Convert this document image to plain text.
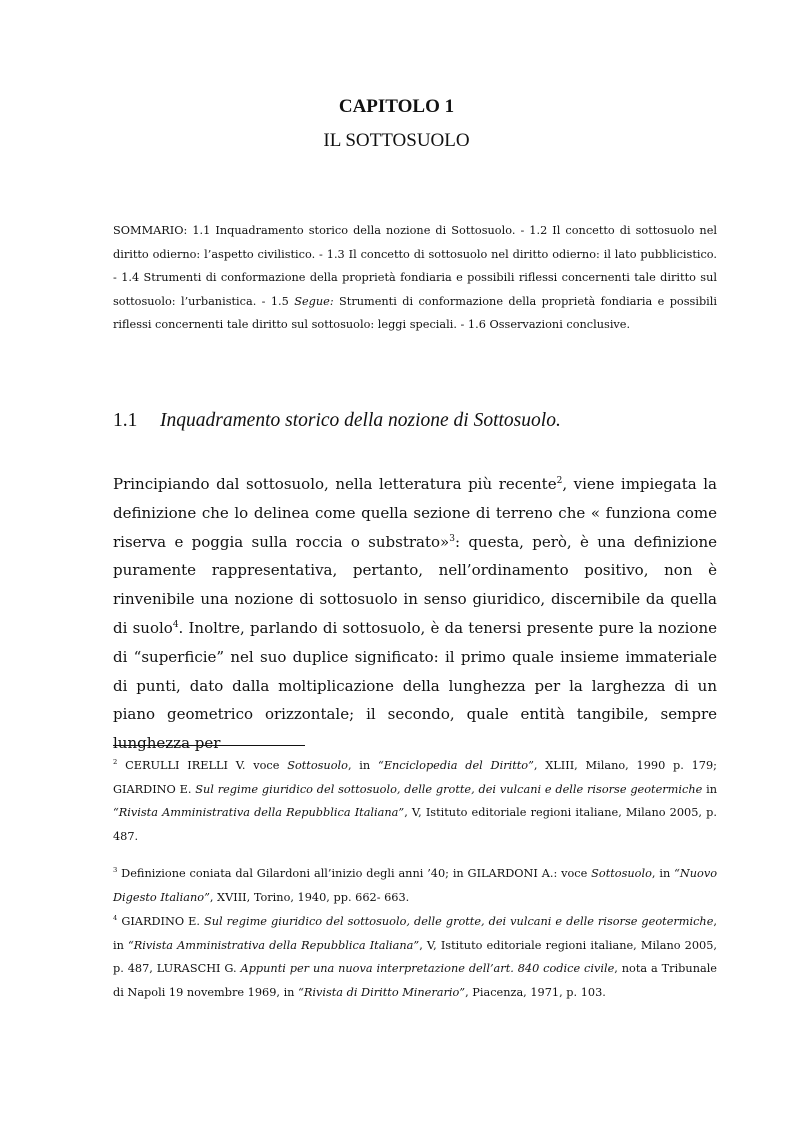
CAPITOLO 1
IL SOTTOSUOLO
SOMMARIO: 1.1 Inquadramento storico della nozione di Sottosuolo. - 1.2 Il concetto di sottosuolo nel diritto odierno: l’aspetto civilistico. - 1.3 Il concetto di sottosuolo nel diritto odierno: il lato pubblicistico. - 1.4 Strumenti di conformazione della proprietà fondiaria e possibili riflessi concernenti tale diritto sul sottosuolo: l’urbanistica. - 1.5 Segue: Strumenti di conformazione della proprietà fondiaria e possibili riflessi concernenti tale diritto sul sottosuolo: leggi speciali. - 1.6 Osservazioni conclusive.
1.1 Inquadramento storico della nozione di Sottosuolo.
Principiando dal sottosuolo, nella letteratura più recente$^2$, viene impiegata la definizione che lo delinea come quella sezione di terreno che « funziona come riserva e poggia sulla roccia o substrato»$^3$: questa, però, è una definizione puramente rappresentativa, pertanto, nell’ordinamento positivo, non è rinvenibile una nozione di sottosuolo in senso giuridico, discernibile da quella di suolo$^4$. Inoltre, parlando di sottosuolo, è da tenersi presente pure la nozione di “superficie” nel suo duplice significato: il primo quale insieme immateriale di punti, dato dalla moltiplicazione della lunghezza per la larghezza di un piano geometrico orizzontale; il secondo, quale entità tangibile, sempre lunghezza per
$^2$ CERULLI IRELLI V. voce Sottosuolo, in “Enciclopedia del Diritto”, XLIII, Milano, 1990 p. 179; GIARDINO E. Sul regime giuridico del sottosuolo, delle grotte, dei vulcani e delle risorse geotermiche in “Rivista Amministrativa della Repubblica Italiana”, V, Istituto editoriale regioni italiane, Milano 2005, p. 487.
$^3$ Definizione coniata dal Gilardoni all’inizio degli anni ’40; in GILARDONI A.: voce Sottosuolo, in “Nuovo Digesto Italiano”, XVIII, Torino, 1940, pp. 662- 663.
$^4$ GIARDINO E. Sul regime giuridico del sottosuolo, delle grotte, dei vulcani e delle risorse geotermiche, in “Rivista Amministrativa della Repubblica Italiana”, V, Istituto editoriale regioni italiane, Milano 2005, p. 487, LURASCHI G. Appunti per una nuova interpretazione dell’art. 840 codice civile, nota a Tribunale di Napoli 19 novembre 1969, in “Rivista di Diritto Minerario”, Piacenza, 1971, p. 103.
